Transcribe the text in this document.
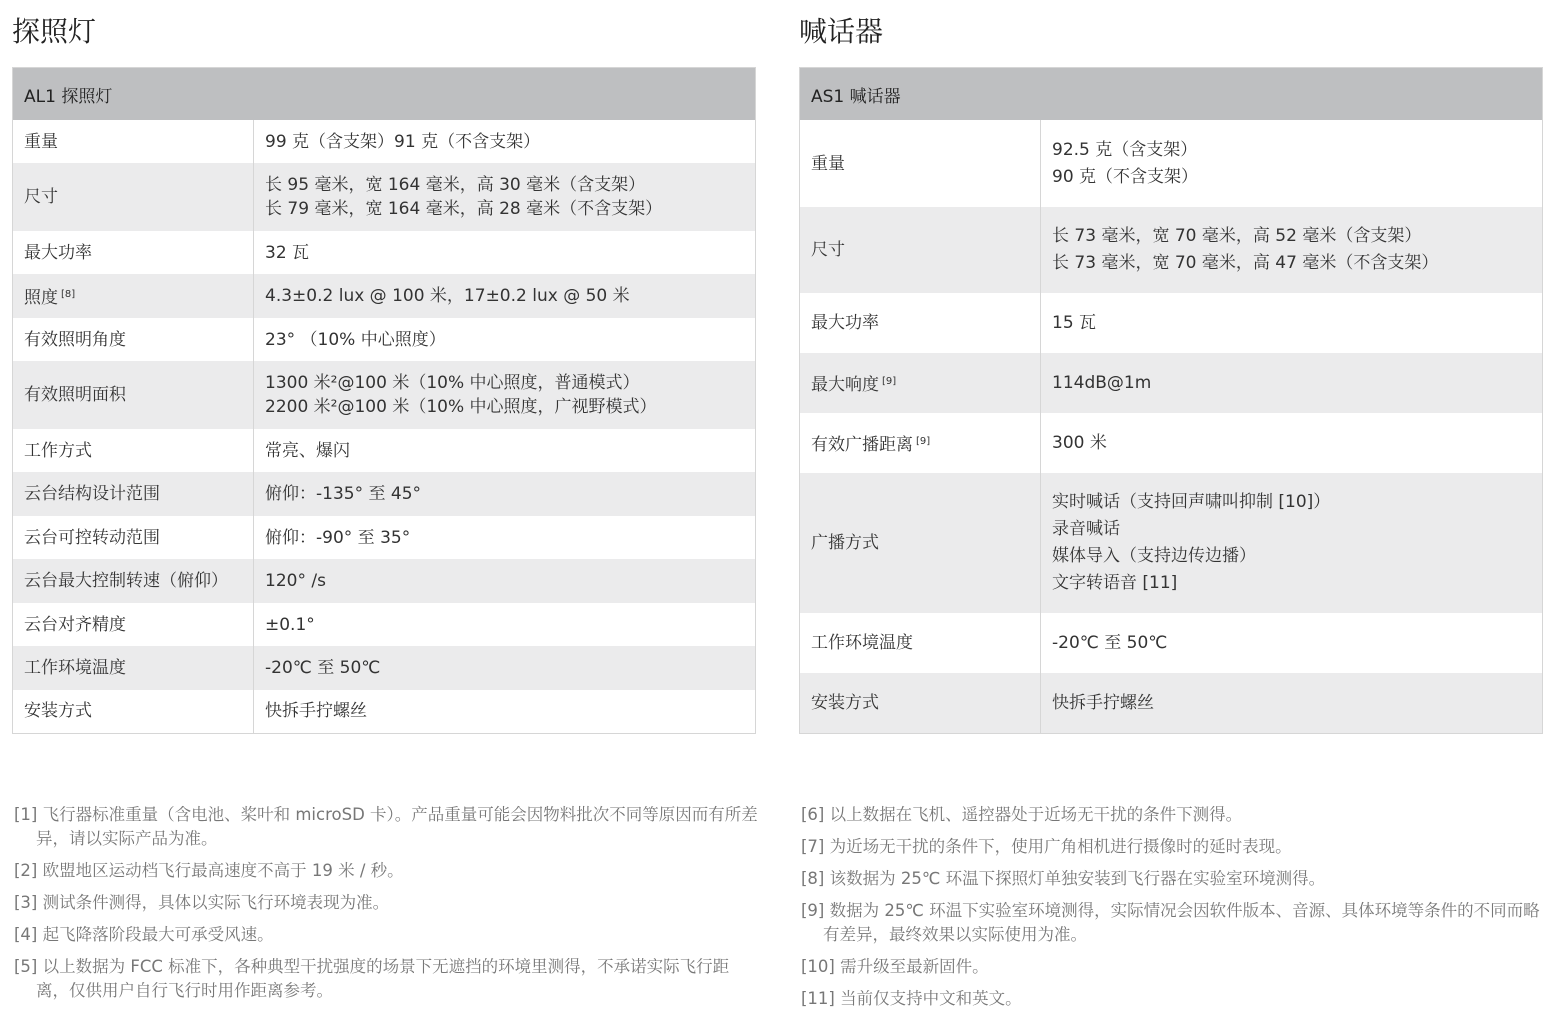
探照灯
AL1 探照灯	
重量	99 克（含支架）91 克（不含支架）
尺寸	长 95 毫米，宽 164 毫米，高 30 毫米（含支架）
长 79 毫米，宽 164 毫米，高 28 毫米（不含支架）

最大功率	32 瓦
照度 [8]	4.3±0.2 lux @ 100 米，17±0.2 lux @ 50 米
有效照明角度	23° （10% 中心照度）
有效照明面积	1300 米²@100 米（10% 中心照度，普通模式）
2200 米²@100 米（10% 中心照度，广视野模式）

工作方式	常亮、爆闪
云台结构设计范围	俯仰：-135° 至 45°
云台可控转动范围	俯仰：-90° 至 35°
云台最大控制转速（俯仰）	120° /s
云台对齐精度	±0.1°
工作环境温度	-20℃ 至 50℃
安装方式	快拆手拧螺丝
喊话器
AS1 喊话器	
重量	92.5 克（含支架）
90 克（不含支架）

尺寸	长 73 毫米，宽 70 毫米，高 52 毫米（含支架）
长 73 毫米，宽 70 毫米，高 47 毫米（不含支架）

最大功率	15 瓦
最大响度 [9]	114dB@1m
有效广播距离 [9]	300 米
广播方式	实时喊话（支持回声啸叫抑制 [10]）
录音喊话
媒体导入（支持边传边播）
文字转语音 [11]

工作环境温度	-20℃ 至 50℃
安装方式	快拆手拧螺丝
[1] 飞行器标准重量（含电池、桨叶和 microSD 卡）。产品重量可能会因物料批次不同等原因而有所差异，请以实际产品为准。
[2] 欧盟地区运动档飞行最高速度不高于 19 米 / 秒。
[3] 测试条件测得，具体以实际飞行环境表现为准。
[4] 起飞降落阶段最大可承受风速。
[5] 以上数据为 FCC 标准下，各种典型干扰强度的场景下无遮挡的环境里测得，不承诺实际飞行距离，仅供用户自行飞行时用作距离参考。
[6] 以上数据在飞机、遥控器处于近场无干扰的条件下测得。
[7] 为近场无干扰的条件下，使用广角相机进行摄像时的延时表现。
[8] 该数据为 25℃ 环温下探照灯单独安装到飞行器在实验室环境测得。
[9] 数据为 25℃ 环温下实验室环境测得，实际情况会因软件版本、音源、具体环境等条件的不同而略有差异，最终效果以实际使用为准。
[10] 需升级至最新固件。
[11] 当前仅支持中文和英文。
